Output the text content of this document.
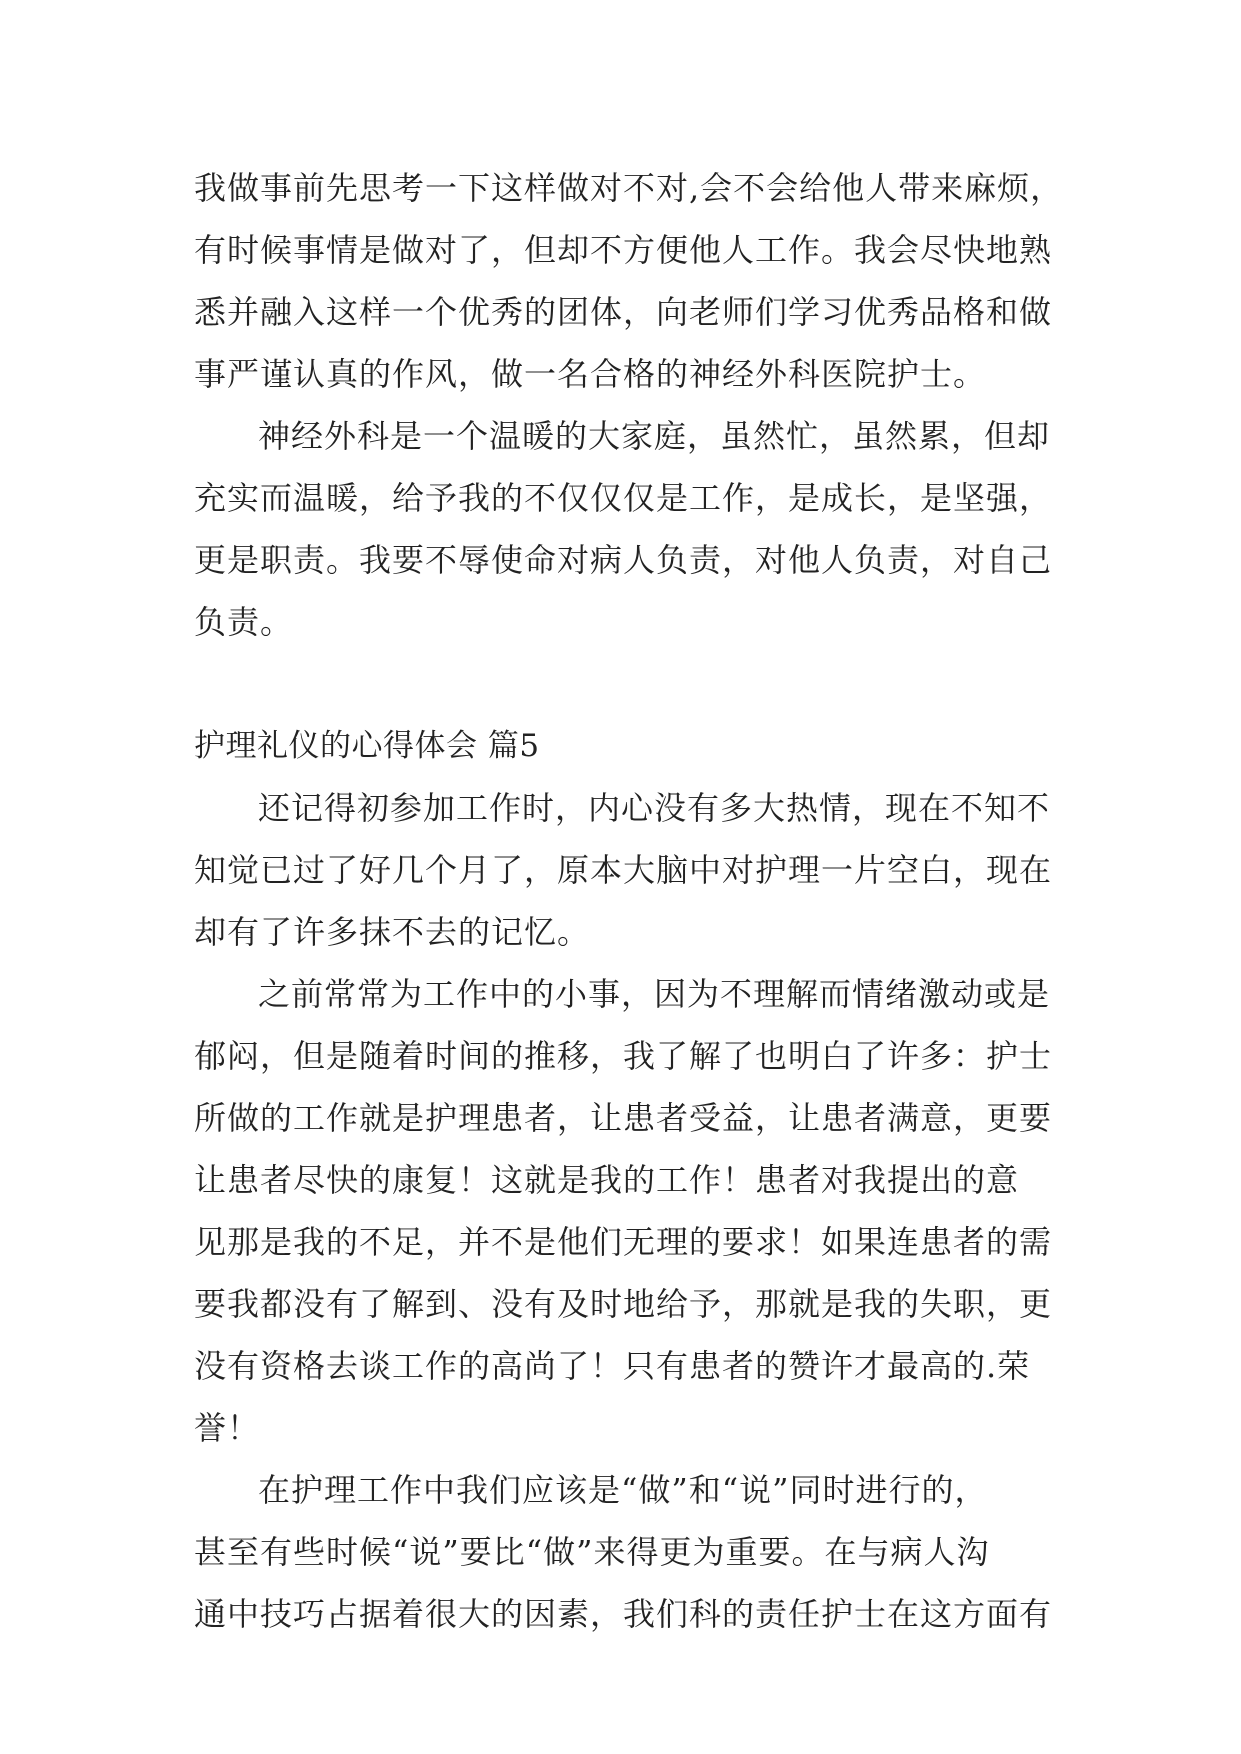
我做事前先思考一下这样做对不对,会不会给他人带来麻烦，
有时候事情是做对了，但却不方便他人工作。我会尽快地熟
悉并融入这样一个优秀的团体，向老师们学习优秀品格和做
事严谨认真的作风，做一名合格的神经外科医院护士。
神经外科是一个温暖的大家庭，虽然忙，虽然累，但却
充实而温暖，给予我的不仅仅仅是工作，是成长，是坚强，
更是职责。我要不辱使命对病人负责，对他人负责，对自己
负责。
护理礼仪的心得体会 篇5
还记得初参加工作时，内心没有多大热情，现在不知不
知觉已过了好几个月了，原本大脑中对护理一片空白，现在
却有了许多抹不去的记忆。
之前常常为工作中的小事，因为不理解而情绪激动或是
郁闷，但是随着时间的推移，我了解了也明白了许多：护士
所做的工作就是护理患者，让患者受益，让患者满意，更要
让患者尽快的康复！这就是我的工作！患者对我提出的意
见那是我的不足，并不是他们无理的要求！如果连患者的需
要我都没有了解到、没有及时地给予，那就是我的失职，更
没有资格去谈工作的高尚了！只有患者的赞许才最高的.荣
誉！
在护理工作中我们应该是“做”和“说”同时进行的，
甚至有些时候“说”要比“做”来得更为重要。在与病人沟
通中技巧占据着很大的因素，我们科的责任护士在这方面有
